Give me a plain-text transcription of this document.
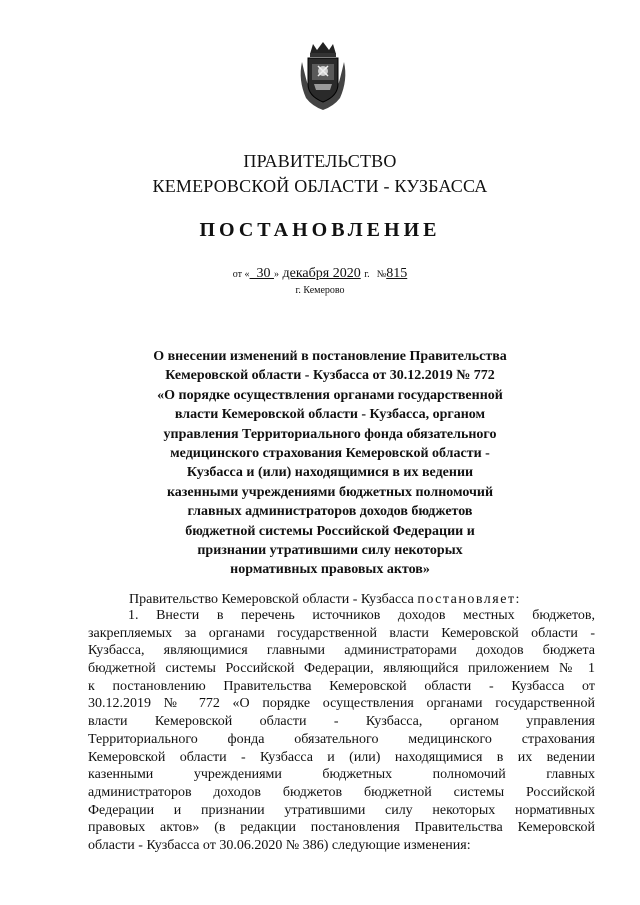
ПРАВИТЕЛЬСТВО
КЕМЕРОВСКОЙ ОБЛАСТИ - КУЗБАССА
ПОСТАНОВЛЕНИЕ
от « 30 » декабря 2020 г. №815
г. Кемерово
О внесении изменений в постановление Правительства
Кемеровской области - Кузбасса от 30.12.2019 № 772
«О порядке осуществления органами государственной
власти Кемеровской области - Кузбасса, органом
управления Территориального фонда обязательного
медицинского страхования Кемеровской области -
Кузбасса и (или) находящимися в их ведении
казенными учреждениями бюджетных полномочий
главных администраторов доходов бюджетов
бюджетной системы Российской Федерации и
признании утратившими силу некоторых
нормативных правовых актов»
Правительство Кемеровской области - Кузбасса постановляет:
1. Внести в перечень источников доходов местных бюджетов,
закрепляемых за органами государственной власти Кемеровской области -
Кузбасса, являющимися главными администраторами доходов бюджета
бюджетной системы Российской Федерации, являющийся приложением № 1
к постановлению Правительства Кемеровской области - Кузбасса от
30.12.2019 № 772 «О порядке осуществления органами государственной
власти Кемеровской области - Кузбасса, органом управления
Территориального фонда обязательного медицинского страхования
Кемеровской области - Кузбасса и (или) находящимися в их ведении
казенными учреждениями бюджетных полномочий главных
администраторов доходов бюджетов бюджетной системы Российской
Федерации и признании утратившими силу некоторых нормативных
правовых актов» (в редакции постановления Правительства Кемеровской
области - Кузбасса от 30.06.2020 № 386) следующие изменения:
